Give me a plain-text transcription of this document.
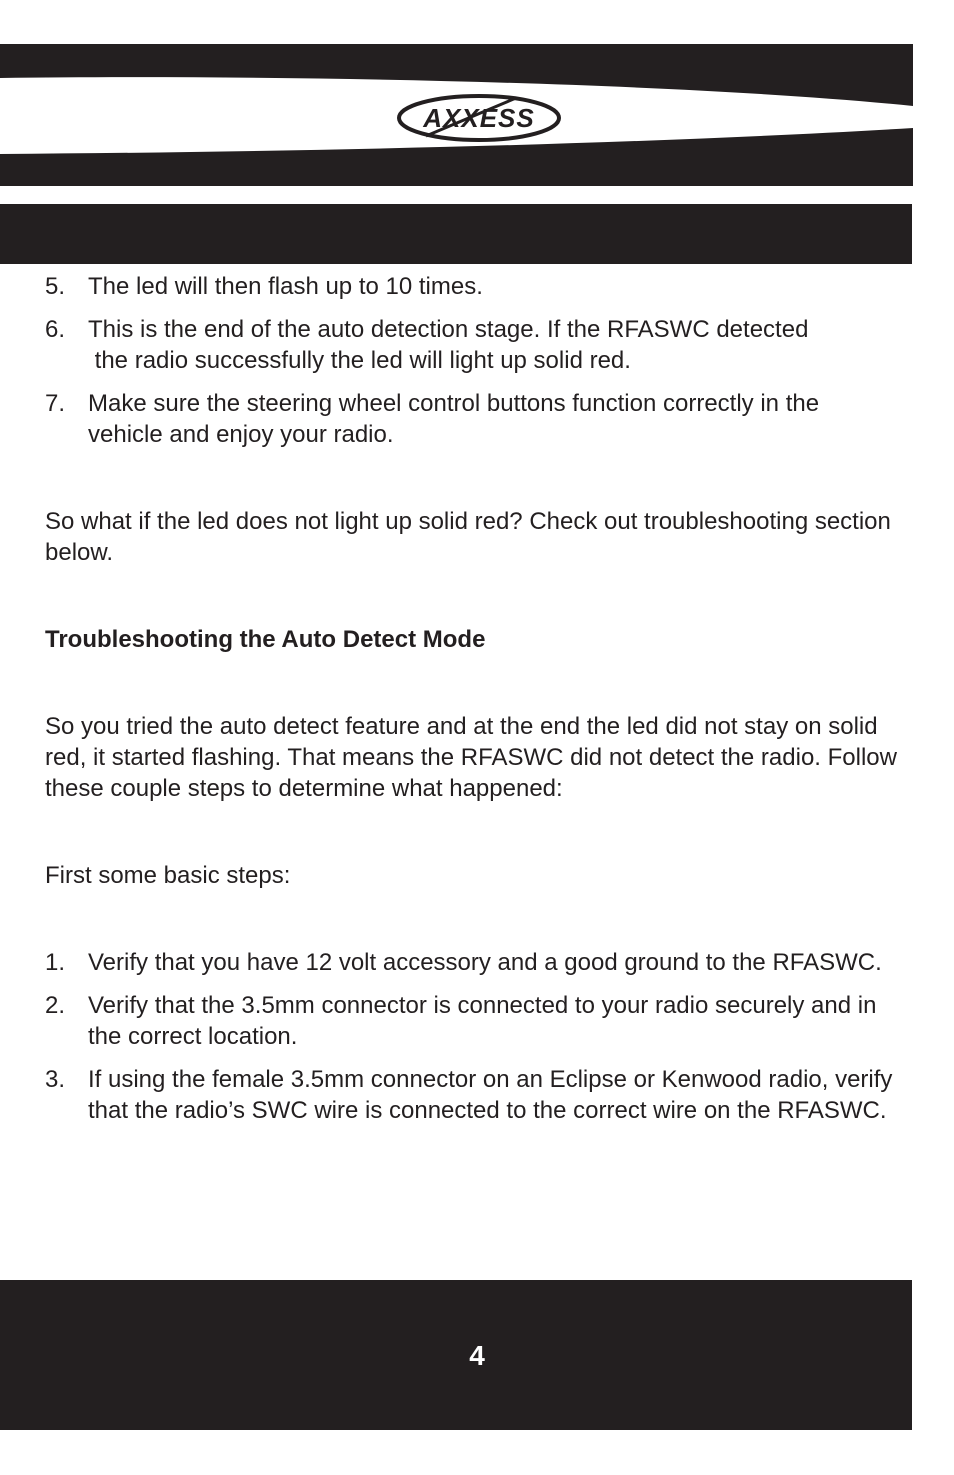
AXXESS
5. The led will then flash up to 10 times.
6. This is the end of the auto detection stage. If the RFASWC detected
the radio successfully the led will light up solid red.
7. Make sure the steering wheel control buttons function correctly in the
vehicle and enjoy your radio.

So what if the led does not light up solid red? Check out troubleshooting section below.

Troubleshooting the Auto Detect Mode

So you tried the auto detect feature and at the end the led did not stay on solid red, it started flashing. That means the RFASWC did not detect the radio. Follow these couple steps to determine what happened:

First some basic steps:

1. Verify that you have 12 volt accessory and a good ground to the RFASWC.
2. Verify that the 3.5mm connector is connected to your radio securely and in the correct location.
3. If using the female 3.5mm connector on an Eclipse or Kenwood radio, verify that the radio’s SWC wire is connected to the correct wire on the RFASWC.
4
